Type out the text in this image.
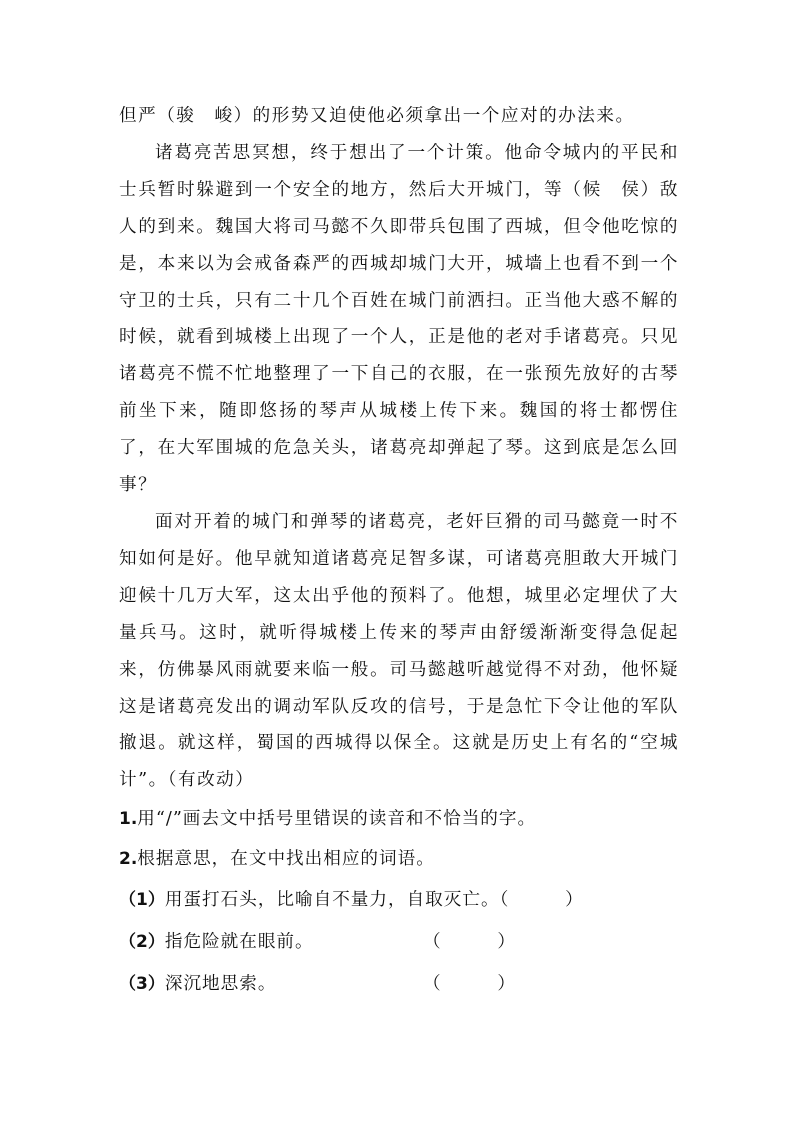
但严（骏　峻）的形势又迫使他必须拿出一个应对的办法来。

诸葛亮苦思冥想，终于想出了一个计策。他命令城内的平民和士兵暂时躲避到一个安全的地方，然后大开城门，等（候　侯）敌人的到来。魏国大将司马懿不久即带兵包围了西城，但令他吃惊的是，本来以为会戒备森严的西城却城门大开，城墙上也看不到一个守卫的士兵，只有二十几个百姓在城门前洒扫。正当他大惑不解的时候，就看到城楼上出现了一个人，正是他的老对手诸葛亮。只见诸葛亮不慌不忙地整理了一下自己的衣服，在一张预先放好的古琴前坐下来，随即悠扬的琴声从城楼上传下来。魏国的将士都愣住了，在大军围城的危急关头，诸葛亮却弹起了琴。这到底是怎么回事？

面对开着的城门和弹琴的诸葛亮，老奸巨猾的司马懿竟一时不知如何是好。他早就知道诸葛亮足智多谋，可诸葛亮胆敢大开城门迎候十几万大军，这太出乎他的预料了。他想，城里必定埋伏了大量兵马。这时，就听得城楼上传来的琴声由舒缓渐渐变得急促起来，仿佛暴风雨就要来临一般。司马懿越听越觉得不对劲，他怀疑这是诸葛亮发出的调动军队反攻的信号，于是急忙下令让他的军队撤退。就这样，蜀国的西城得以保全。这就是历史上有名的“空城计”。（有改动）

1.用“/”画去文中括号里错误的读音和不恰当的字。

2.根据意思，在文中找出相应的词语。

（1）用蛋打石头，比喻自不量力，自取灭亡。（　　　）
（2）指危险就在眼前。	（　　　）
（3）深沉地思索。	（　　　）
